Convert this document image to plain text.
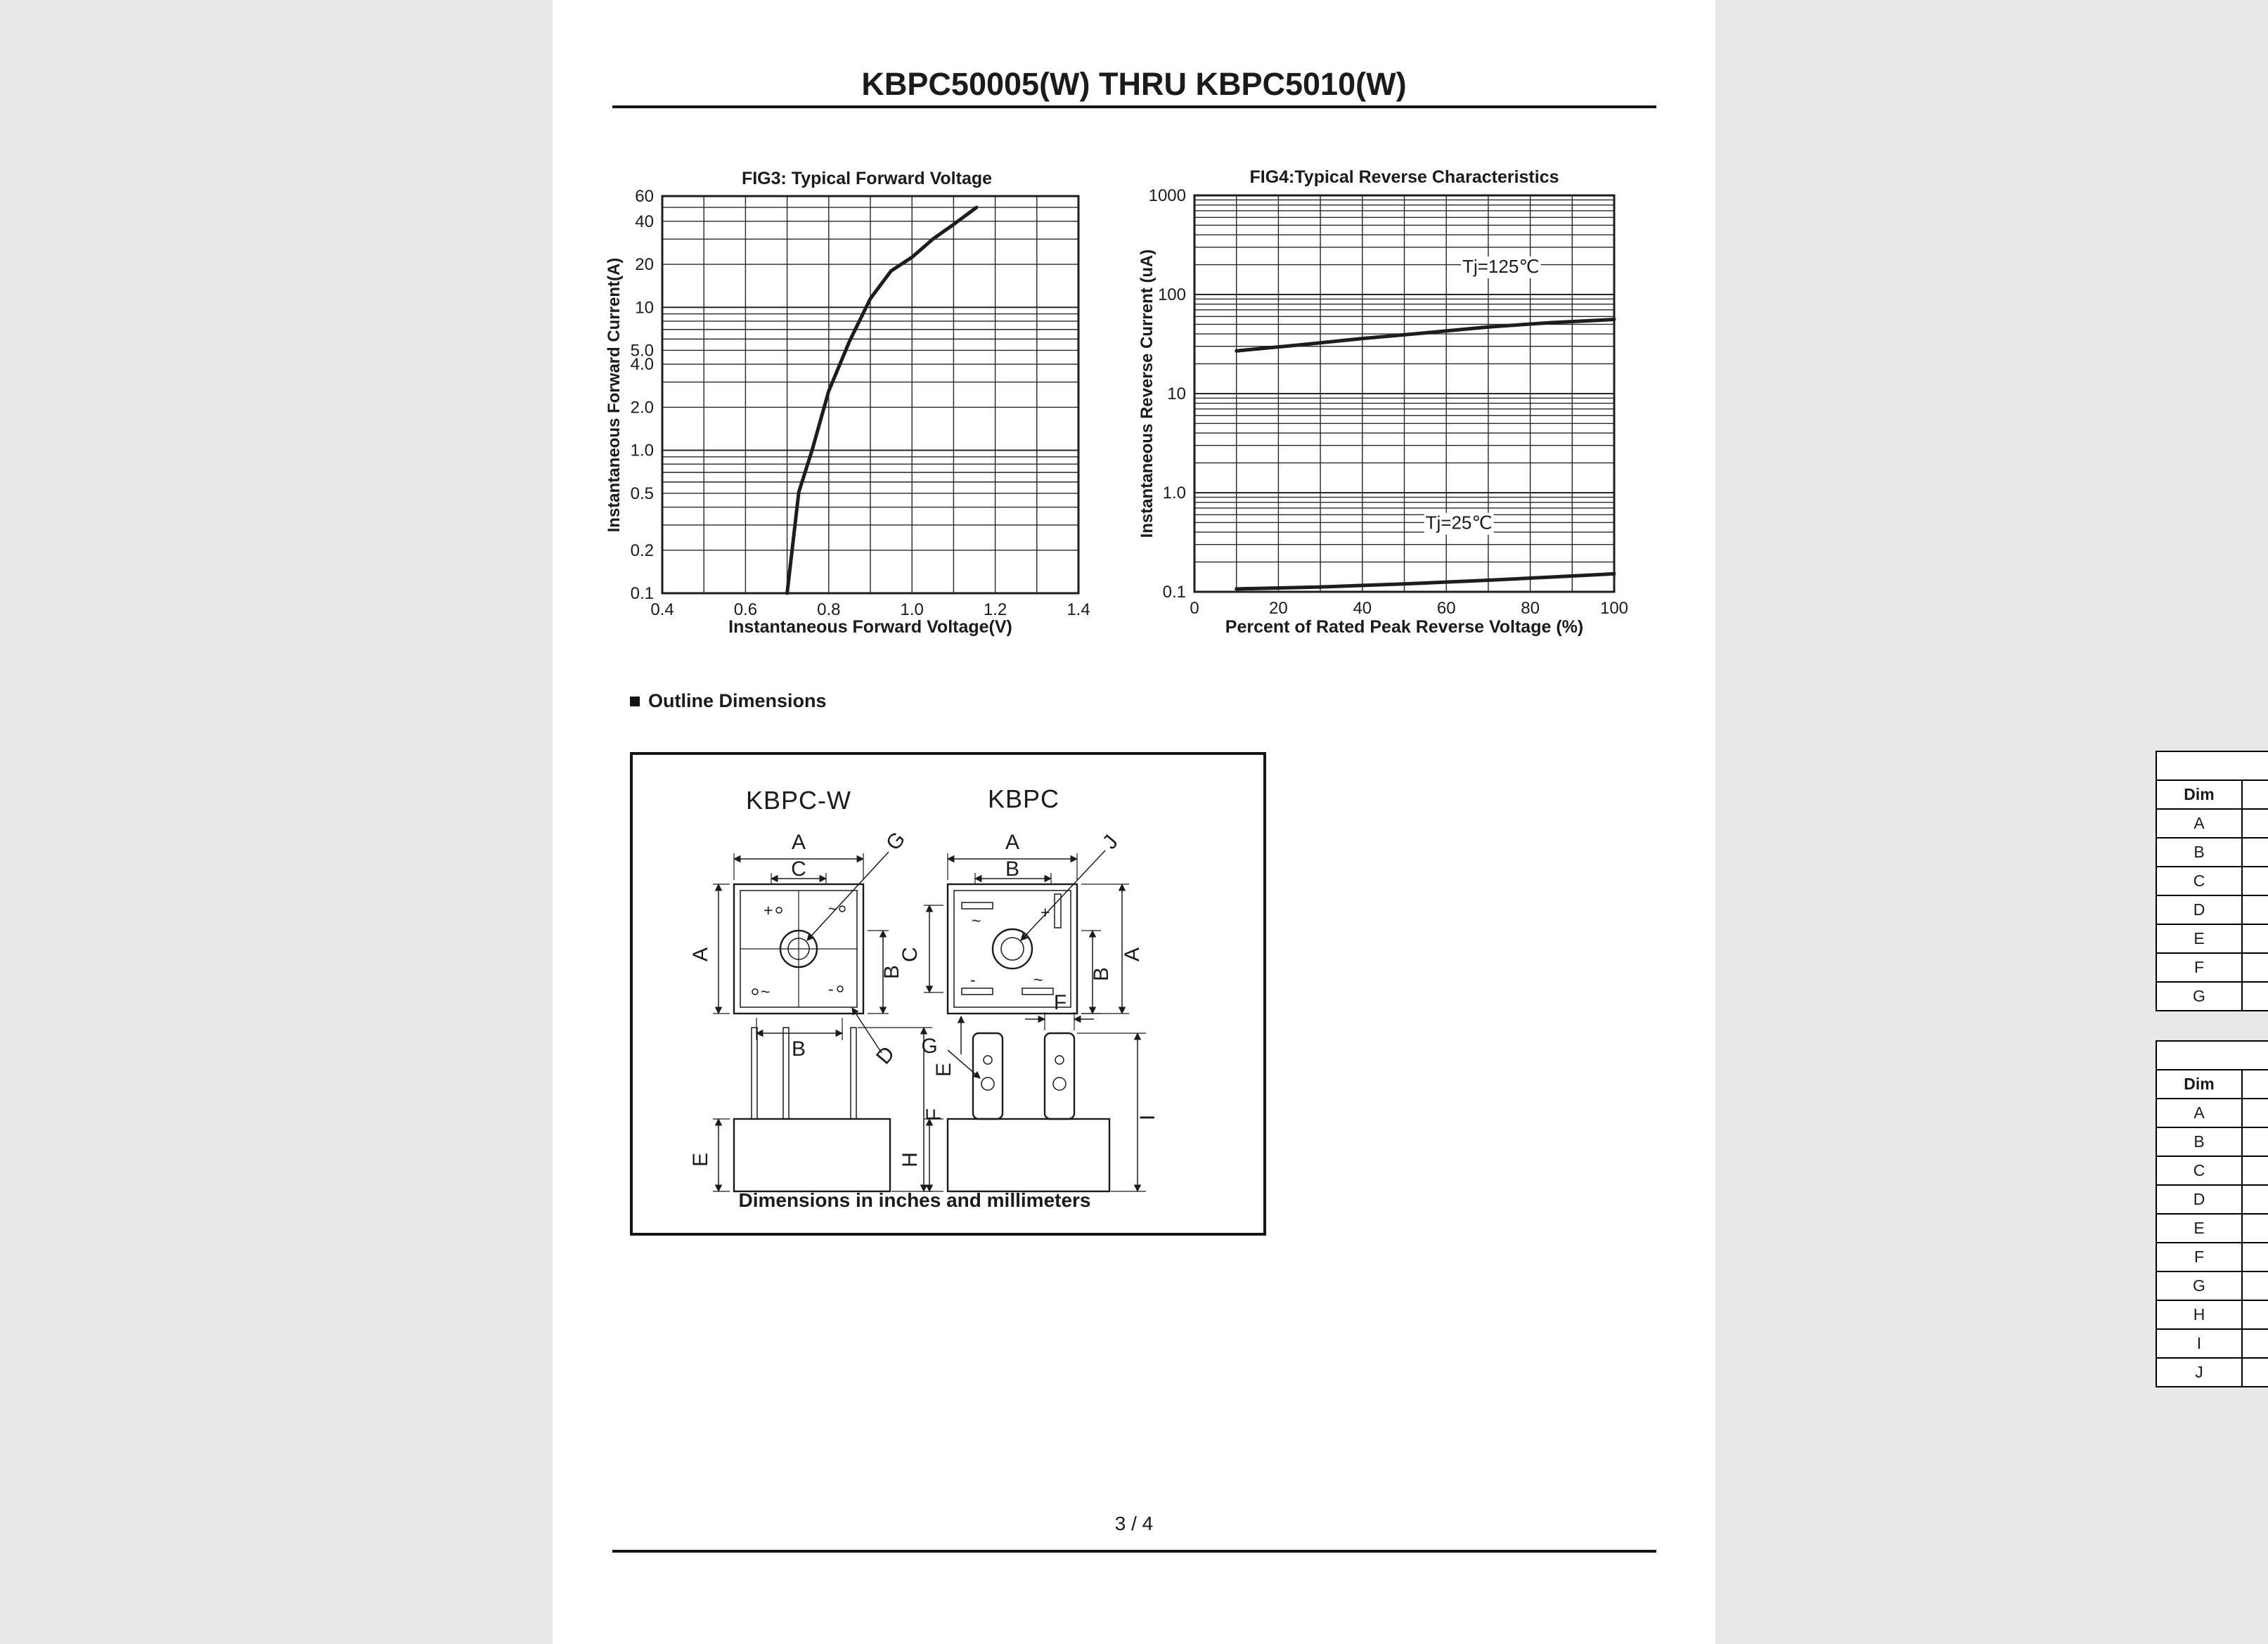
KBPC50005(W) THRU KBPC5010(W)
FIG3: Typical Forward Voltage	FIG4:Typical Reverse Characteristics
Instantaneous Forward Current(A)	Instantaneous Reverse Current (uA)
Instantaneous Forward Voltage(V)	Percent of Rated Peak Reverse Voltage (%)
Outline Dimensions
KBPC-W	KBPC
Dimensions in inches and millimeters
60
40
20
10
5.0
4.0
2.0
1.0
0.5
0.2
0.1
0.4	0.6	0.8	1.0	1.2	1.4
1000
100
10
1.0
0.1
0	20	40	60	80	100
Tj=125℃
Tj=25℃
+	~
~	-
G
D
A
C
A
B
B
E
F
~	+
-	~
J
A
B
C
E
B
A
F
G
H
I

Dim		
A		
B		
C		
D		
E		
F		
G		

Dim		
A		
B		
C		
D		
E		
F		
G		
H		
I		
J		
3 / 4
